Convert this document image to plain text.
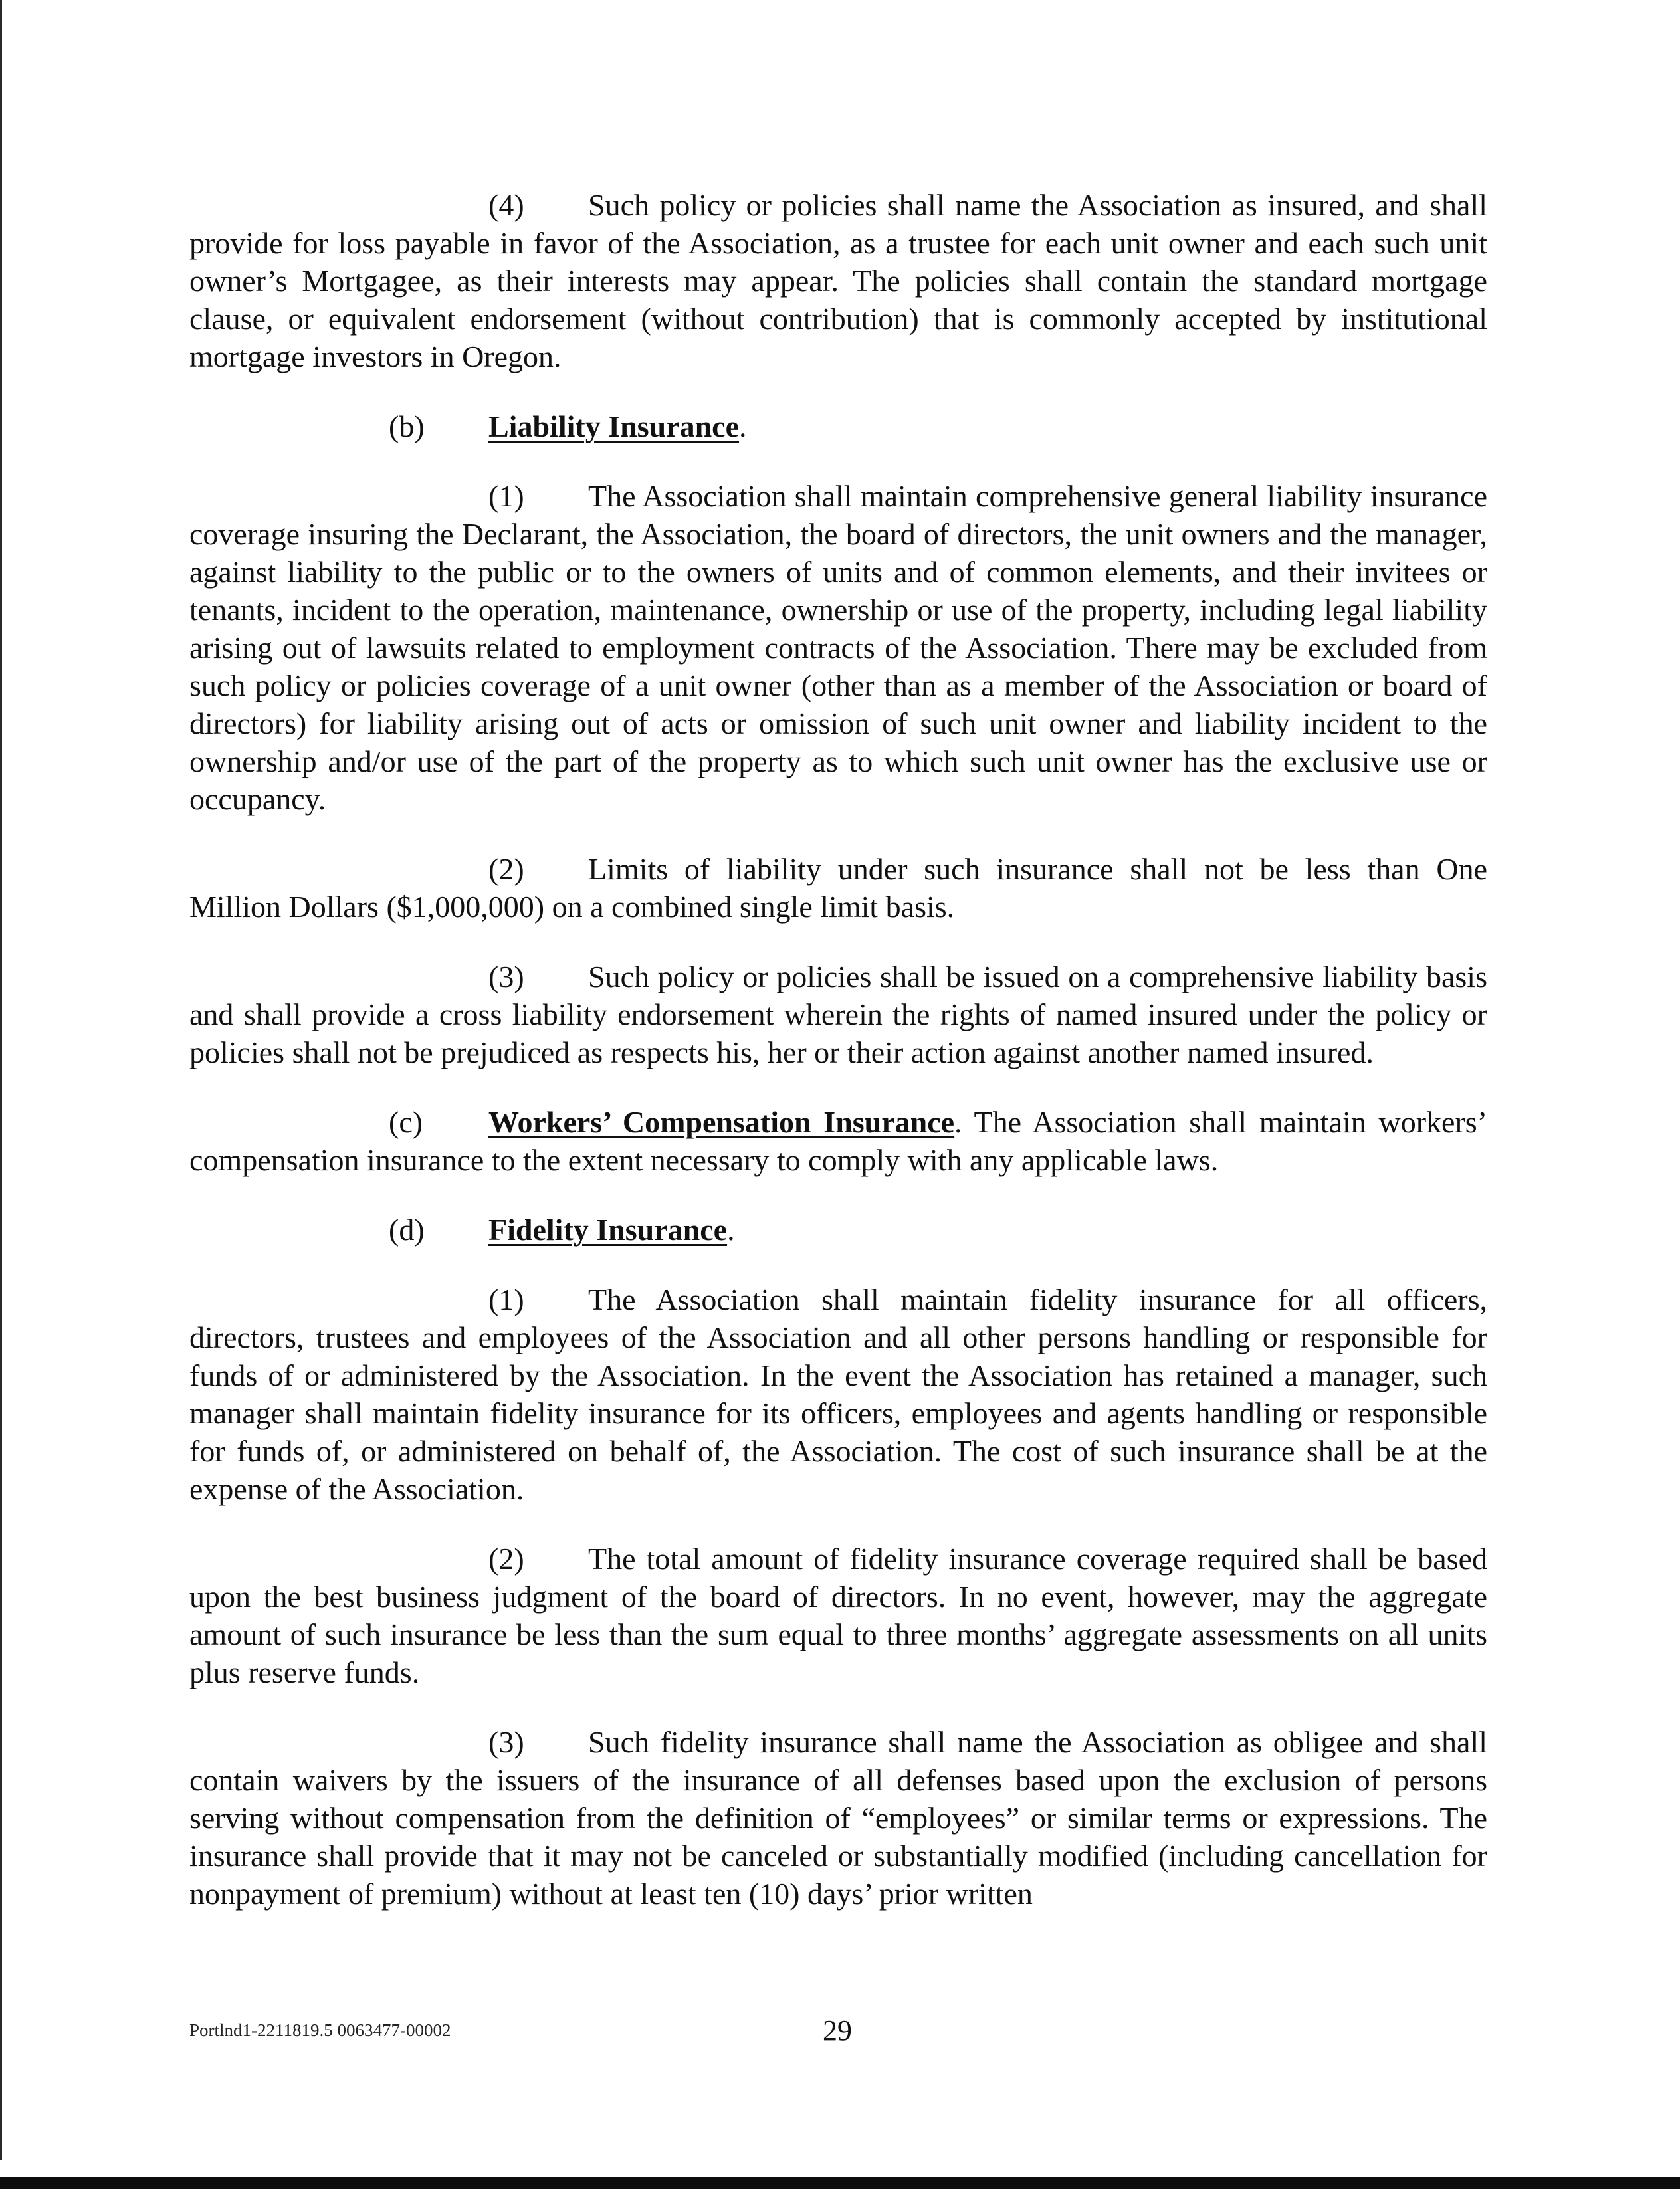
(4) Such policy or policies shall name the Association as insured, and shall provide for loss payable in favor of the Association, as a trustee for each unit owner and each such unit owner’s Mortgagee, as their interests may appear. The policies shall contain the standard mortgage clause, or equivalent endorsement (without contribution) that is commonly accepted by institutional mortgage investors in Oregon.

(b) Liability Insurance.

(1) The Association shall maintain comprehensive general liability insurance coverage insuring the Declarant, the Association, the board of directors, the unit owners and the manager, against liability to the public or to the owners of units and of common elements, and their invitees or tenants, incident to the operation, maintenance, ownership or use of the property, including legal liability arising out of lawsuits related to employment contracts of the Association. There may be excluded from such policy or policies coverage of a unit owner (other than as a member of the Association or board of directors) for liability arising out of acts or omission of such unit owner and liability incident to the ownership and/or use of the part of the property as to which such unit owner has the exclusive use or occupancy.

(2) Limits of liability under such insurance shall not be less than One Million Dollars ($1,000,000) on a combined single limit basis.

(3) Such policy or policies shall be issued on a comprehensive liability basis and shall provide a cross liability endorsement wherein the rights of named insured under the policy or policies shall not be prejudiced as respects his, her or their action against another named insured.

(c) Workers’ Compensation Insurance. The Association shall maintain workers’ compensation insurance to the extent necessary to comply with any applicable laws.

(d) Fidelity Insurance.

(1) The Association shall maintain fidelity insurance for all officers, directors, trustees and employees of the Association and all other persons handling or responsible for funds of or administered by the Association. In the event the Association has retained a manager, such manager shall maintain fidelity insurance for its officers, employees and agents handling or responsible for funds of, or administered on behalf of, the Association. The cost of such insurance shall be at the expense of the Association.

(2) The total amount of fidelity insurance coverage required shall be based upon the best business judgment of the board of directors. In no event, however, may the aggregate amount of such insurance be less than the sum equal to three months’ aggregate assessments on all units plus reserve funds.

(3) Such fidelity insurance shall name the Association as obligee and shall contain waivers by the issuers of the insurance of all defenses based upon the exclusion of persons serving without compensation from the definition of “employees” or similar terms or expressions. The insurance shall provide that it may not be canceled or substantially modified (including cancellation for nonpayment of premium) without at least ten (10) days’ prior written

Portlnd1-2211819.5 0063477-00002	29
